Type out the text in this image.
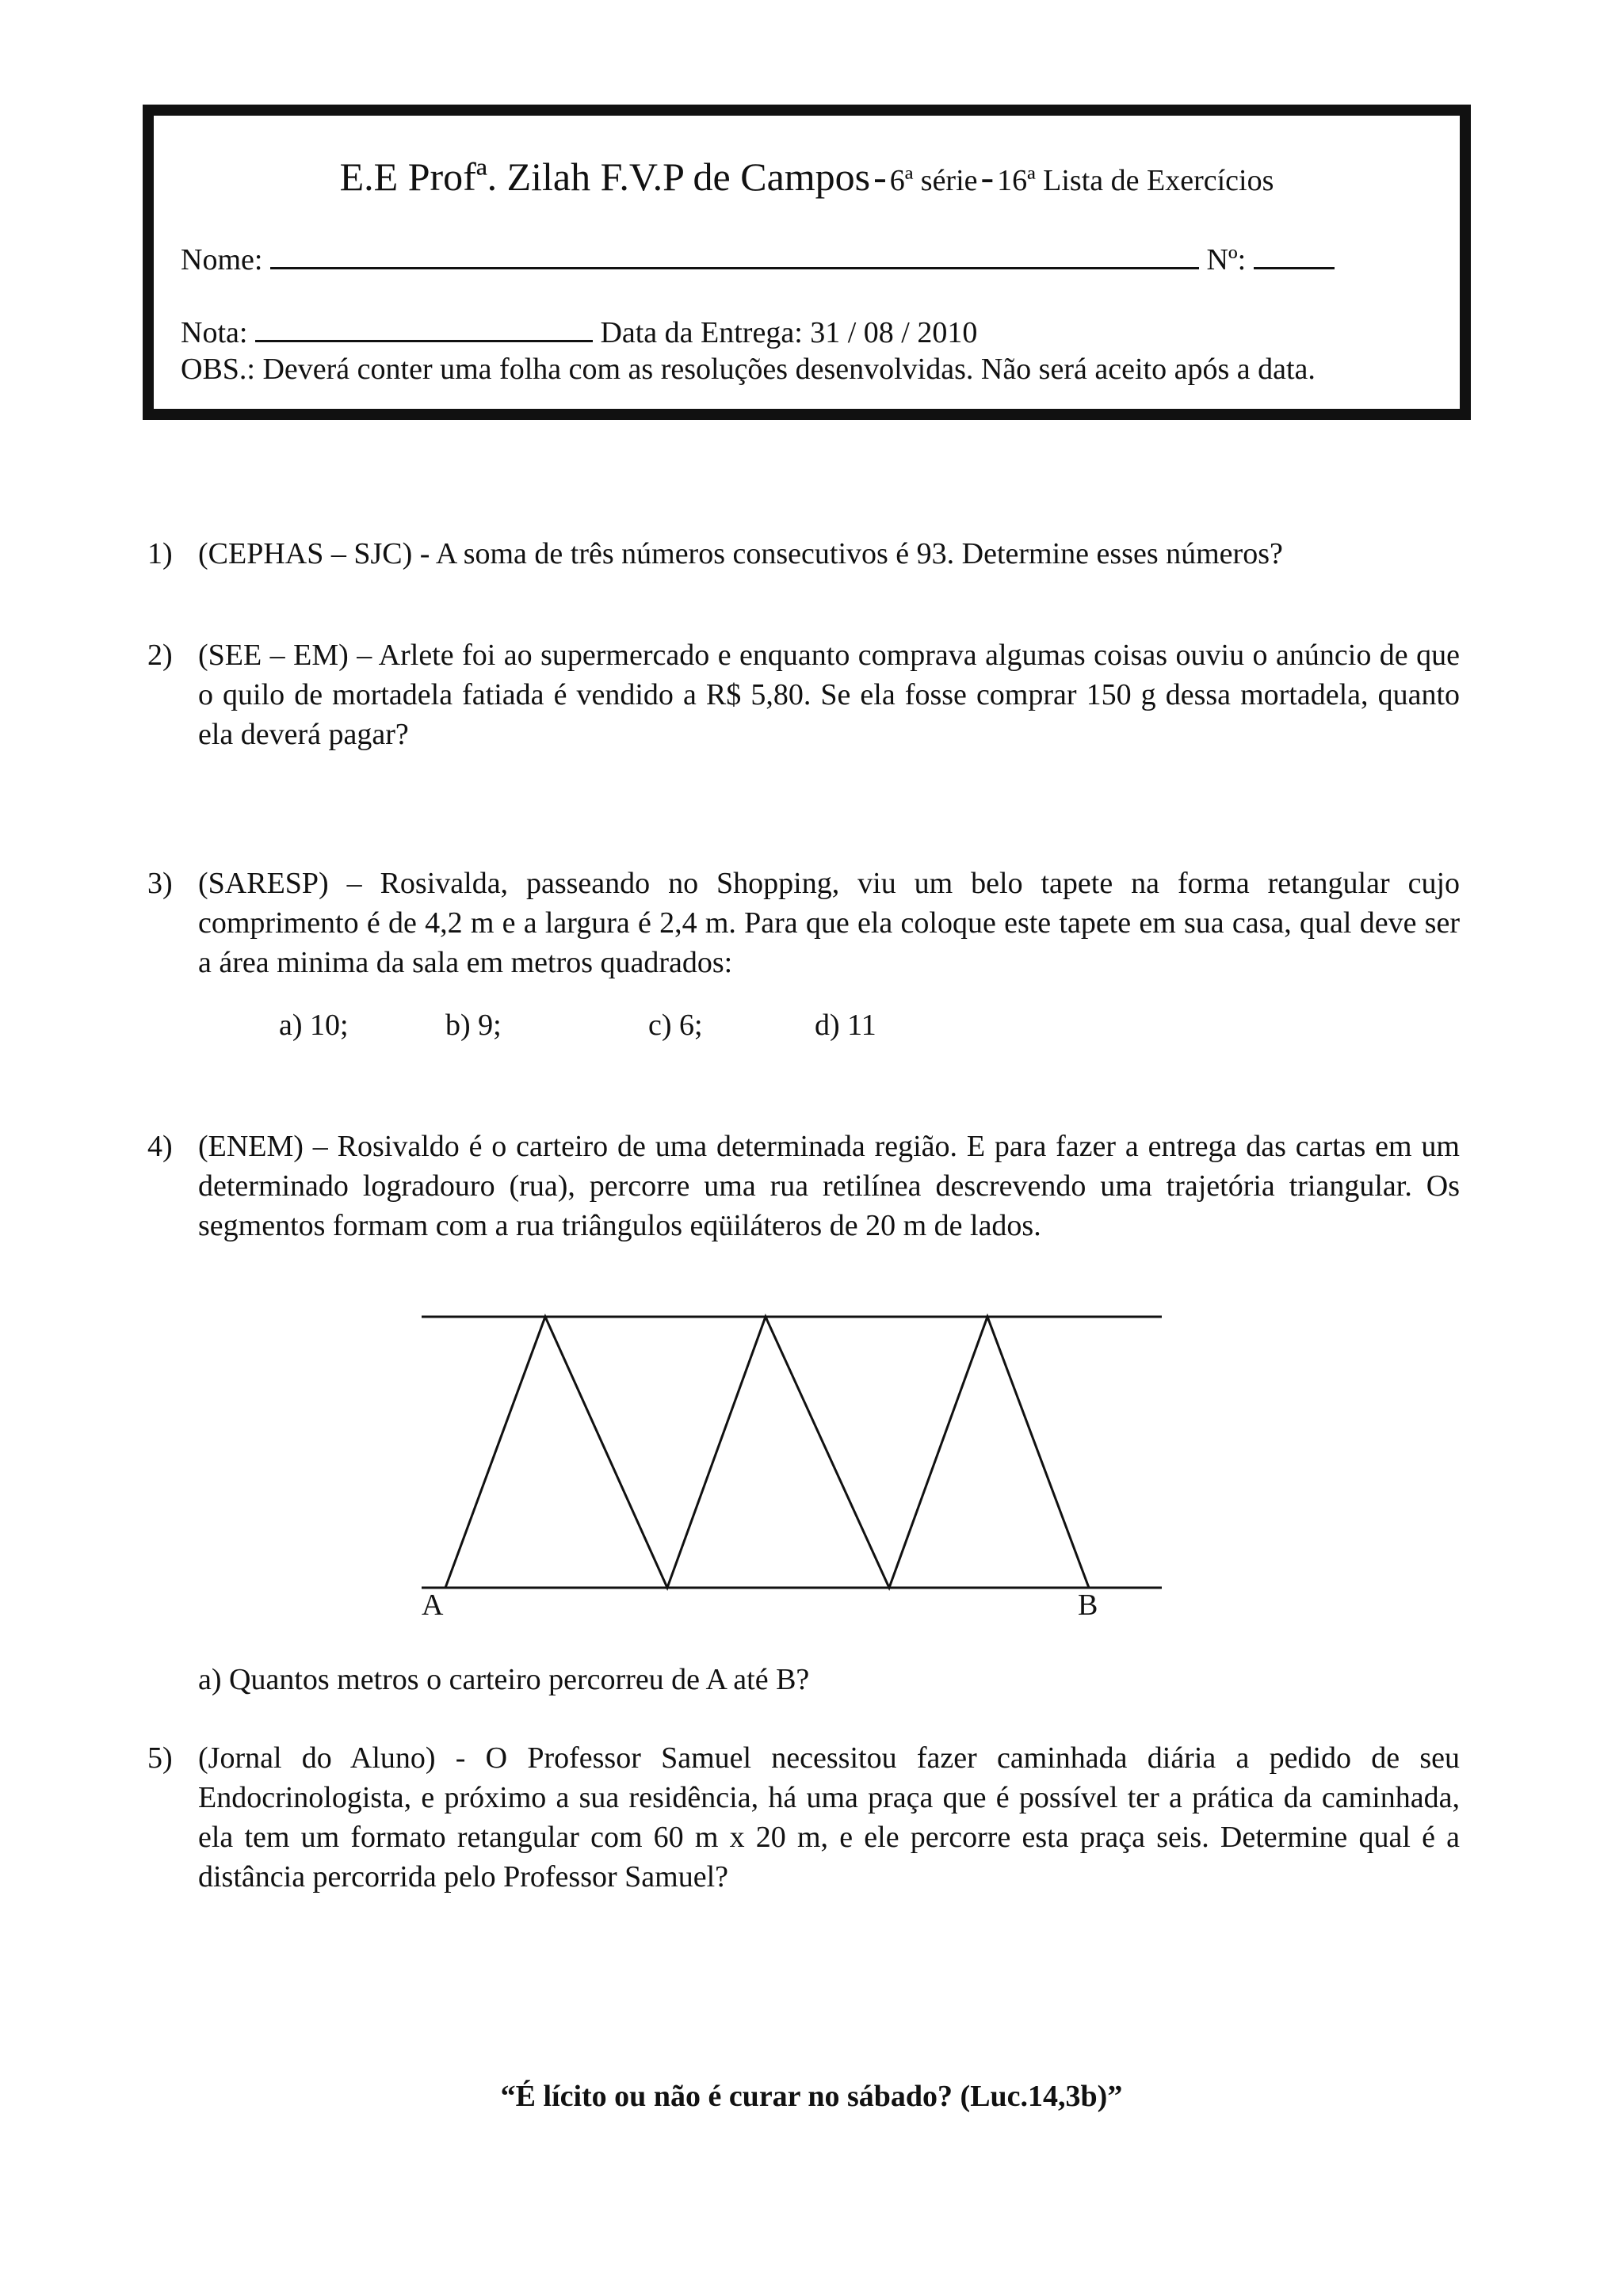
E.E Profª. Zilah F.V.P de Campos - 6ª série - 16ª Lista de Exercícios
Nome:	Nº:
Nota:	Data da Entrega: 31 / 08 / 2010
OBS.: Deverá conter uma folha com as resoluções desenvolvidas. Não será aceito após a data.
1) (CEPHAS – SJC) - A soma de três números consecutivos é 93. Determine esses números?
2) (SEE – EM) – Arlete foi ao supermercado e enquanto comprava algumas coisas ouviu o anúncio de que o quilo de mortadela fatiada é vendido a R$ 5,80. Se ela fosse comprar 150 g dessa mortadela, quanto ela deverá pagar?
3) (SARESP) – Rosivalda, passeando no Shopping, viu um belo tapete na forma retangular cujo comprimento é de 4,2 m e a largura é 2,4 m. Para que ela coloque este tapete em sua casa, qual deve ser a área minima da sala em metros quadrados:
a) 10;	b) 9;	c) 6;	d) 11
4) (ENEM) – Rosivaldo é o carteiro de uma determinada região. E para fazer a entrega das cartas em um determinado logradouro (rua), percorre uma rua retilínea descrevendo uma trajetória triangular. Os segmentos formam com a rua triângulos eqüiláteros de 20 m de lados.
A	B
a) Quantos metros o carteiro percorreu de A até B?
5) (Jornal do Aluno) - O Professor Samuel necessitou fazer caminhada diária a pedido de seu Endocrinologista, e próximo a sua residência, há uma praça que é possível ter a prática da caminhada, ela tem um formato retangular com 60 m x 20 m, e ele percorre esta praça seis. Determine qual é a distância percorrida pelo Professor Samuel?
“É lícito ou não é curar no sábado? (Luc.14,3b)”
